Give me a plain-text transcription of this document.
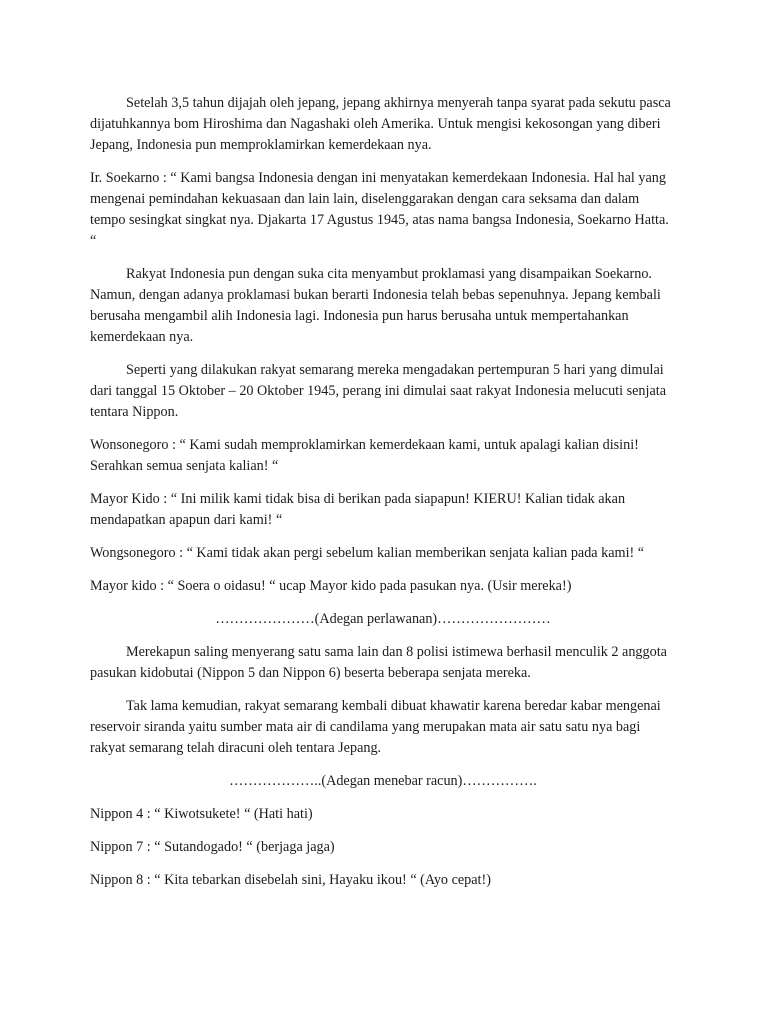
Setelah 3,5 tahun dijajah oleh jepang, jepang akhirnya menyerah tanpa syarat pada sekutu pasca dijatuhkannya bom Hiroshima dan Nagashaki oleh Amerika. Untuk mengisi kekosongan yang diberi Jepang, Indonesia pun memproklamirkan kemerdekaan nya.

Ir. Soekarno : “ Kami bangsa Indonesia dengan ini menyatakan kemerdekaan Indonesia. Hal hal yang mengenai pemindahan kekuasaan dan lain lain, diselenggarakan dengan cara seksama dan dalam tempo sesingkat singkat nya. Djakarta 17 Agustus 1945, atas nama bangsa Indonesia, Soekarno Hatta. “

Rakyat Indonesia pun dengan suka cita menyambut proklamasi yang disampaikan Soekarno. Namun, dengan adanya proklamasi bukan berarti Indonesia telah bebas sepenuhnya. Jepang kembali berusaha mengambil alih Indonesia lagi. Indonesia pun harus berusaha untuk mempertahankan kemerdekaan nya.

Seperti yang dilakukan rakyat semarang mereka mengadakan pertempuran 5 hari yang dimulai dari tanggal 15 Oktober – 20 Oktober 1945, perang ini dimulai saat rakyat Indonesia melucuti senjata tentara Nippon.

Wonsonegoro : “ Kami sudah memproklamirkan kemerdekaan kami, untuk apalagi kalian disini! Serahkan semua senjata kalian! “

Mayor Kido : “ Ini milik kami tidak bisa di berikan pada siapapun! KIERU! Kalian tidak akan mendapatkan apapun dari kami! “

Wongsonegoro : “ Kami tidak akan pergi sebelum kalian memberikan senjata kalian pada kami! “

Mayor kido : “ Soera o oidasu! “ ucap Mayor kido pada pasukan nya. (Usir mereka!)

…………………(Adegan perlawanan)……………………

Merekapun saling menyerang satu sama lain dan 8 polisi istimewa berhasil menculik 2 anggota pasukan kidobutai (Nippon 5 dan Nippon 6) beserta beberapa senjata mereka.

Tak lama kemudian, rakyat semarang kembali dibuat khawatir karena beredar kabar mengenai reservoir siranda yaitu sumber mata air di candilama yang merupakan mata air satu satu nya bagi rakyat semarang telah diracuni oleh tentara Jepang.

………………..(Adegan menebar racun)…………….

Nippon 4 : “ Kiwotsukete! “ (Hati hati)

Nippon 7 : “ Sutandogado! “ (berjaga jaga)

Nippon 8 : “ Kita tebarkan disebelah sini, Hayaku ikou! “ (Ayo cepat!)
